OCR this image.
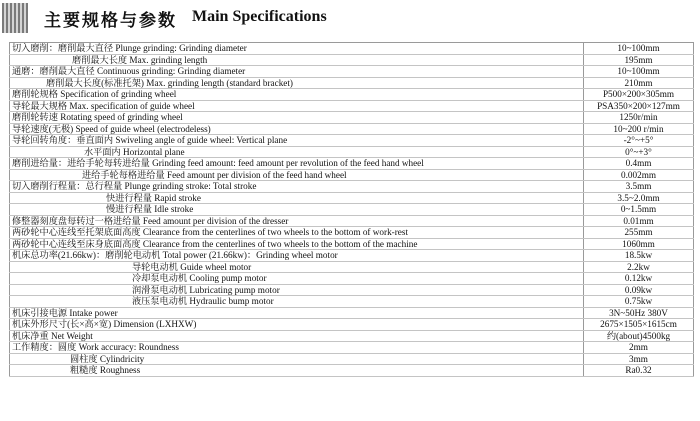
主要规格与参数 Main Specifications
切入磨削：磨削最大直径 Plunge grinding: Grinding diameter	10~100mm
磨削最大长度 Max. grinding length	195mm
通磨：磨削最大直径 Continuous grinding: Grinding diameter	10~100mm
磨削最大长度(标准托架) Max. grinding length (standard bracket)	210mm
磨削轮规格 Specification of grinding wheel	P500×200×305mm
导轮最大规格 Max. specification of guide wheel	PSA350×200×127mm
磨削轮转速 Rotating speed of grinding wheel	1250r/min
导轮速度(无极) Speed of guide wheel (electrodeless)	10~200 r/min
导轮回转角度：垂直面内 Swiveling angle of guide wheel: Vertical plane	-2°~+5°
水平面内 Horizontal plane	0°~+3°
磨削进给量：进给手轮每转进给量 Grinding feed amount: feed amount per revolution of the feed hand wheel	0.4mm
进给手轮每格进给量 Feed amount per division of the feed hand wheel	0.002mm
切入磨削行程量：总行程量 Plunge grinding stroke: Total stroke	3.5mm
快进行程量 Rapid stroke	3.5~2.0mm
慢进行程量 Idle stroke	0~1.5mm
修整器刻度盘每转过一格进给量 Feed amount per division of the dresser	0.01mm
两砂轮中心连线至托架底面高度 Clearance from the centerlines of two wheels to the bottom of work-rest	255mm
两砂轮中心连线至床身底面高度 Clearance from the centerlines of two wheels to the bottom of the machine	1060mm
机床总功率(21.66kw)：磨削轮电动机 Total power (21.66kw)：Grinding wheel motor	18.5kw
导轮电动机 Guide wheel motor	2.2kw
冷却泵电动机 Cooling pump motor	0.12kw
润滑泵电动机 Lubricating pump motor	0.09kw
液压泵电动机 Hydraulic bump motor	0.75kw
机床引接电源 Intake power	3N~50Hz 380V
机床外形尺寸(长×高×宽) Dimension (LXHXW)	2675×1505×1615cm
机床净重 Net Weight	约(about)4500kg
工作精度：圆度 Work accuracy: Roundness	2mm
圆柱度 Cylindricity	3mm
粗糙度 Roughness	Ra0.32
